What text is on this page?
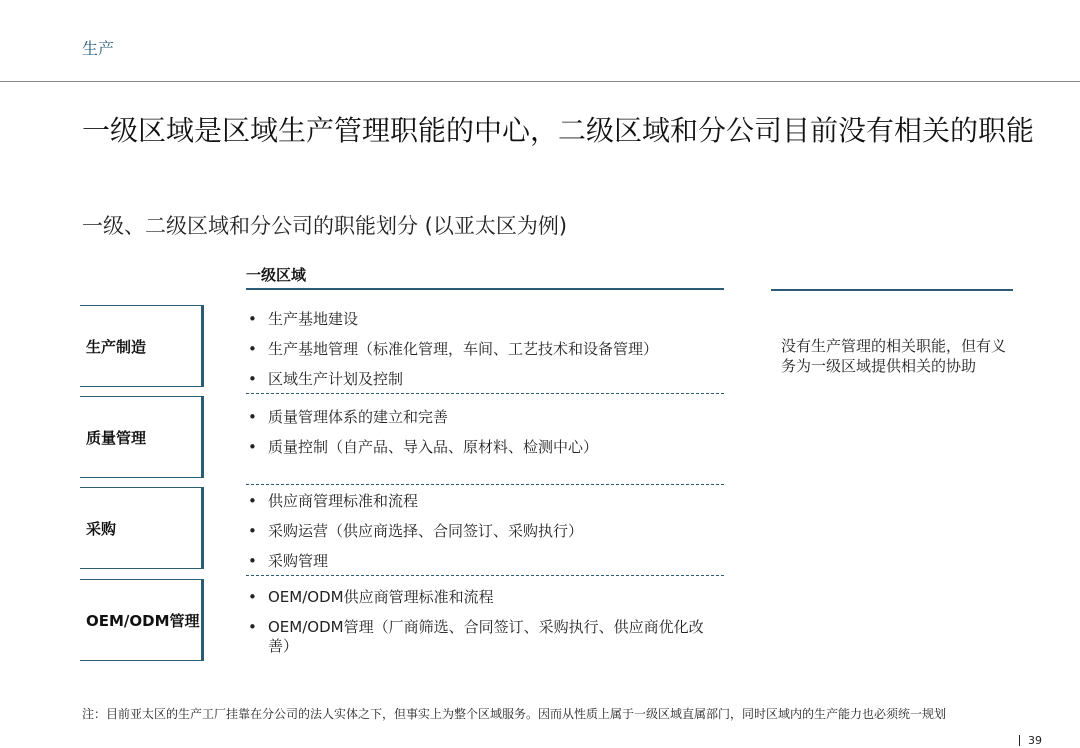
生产
一级区域是区域生产管理职能的中心，二级区域和分公司目前没有相关的职能
一级、二级区域和分公司的职能划分 (以亚太区为例)
一级区域
生产制造
• 生产基地建设
• 生产基地管理（标准化管理，车间、工艺技术和设备管理）
• 区域生产计划及控制
质量管理
• 质量管理体系的建立和完善
• 质量控制（自产品、导入品、原材料、检测中心）
采购
• 供应商管理标准和流程
• 采购运营（供应商选择、合同签订、采购执行）
• 采购管理
OEM/ODM管理
• OEM/ODM供应商管理标准和流程
• OEM/ODM管理（厂商筛选、合同签订、采购执行、供应商优化改善）
没有生产管理的相关职能，但有义务为一级区域提供相关的协助
注：目前亚太区的生产工厂挂靠在分公司的法人实体之下，但事实上为整个区域服务。因而从性质上属于一级区域直属部门，同时区域内的生产能力也必须统一规划
39
